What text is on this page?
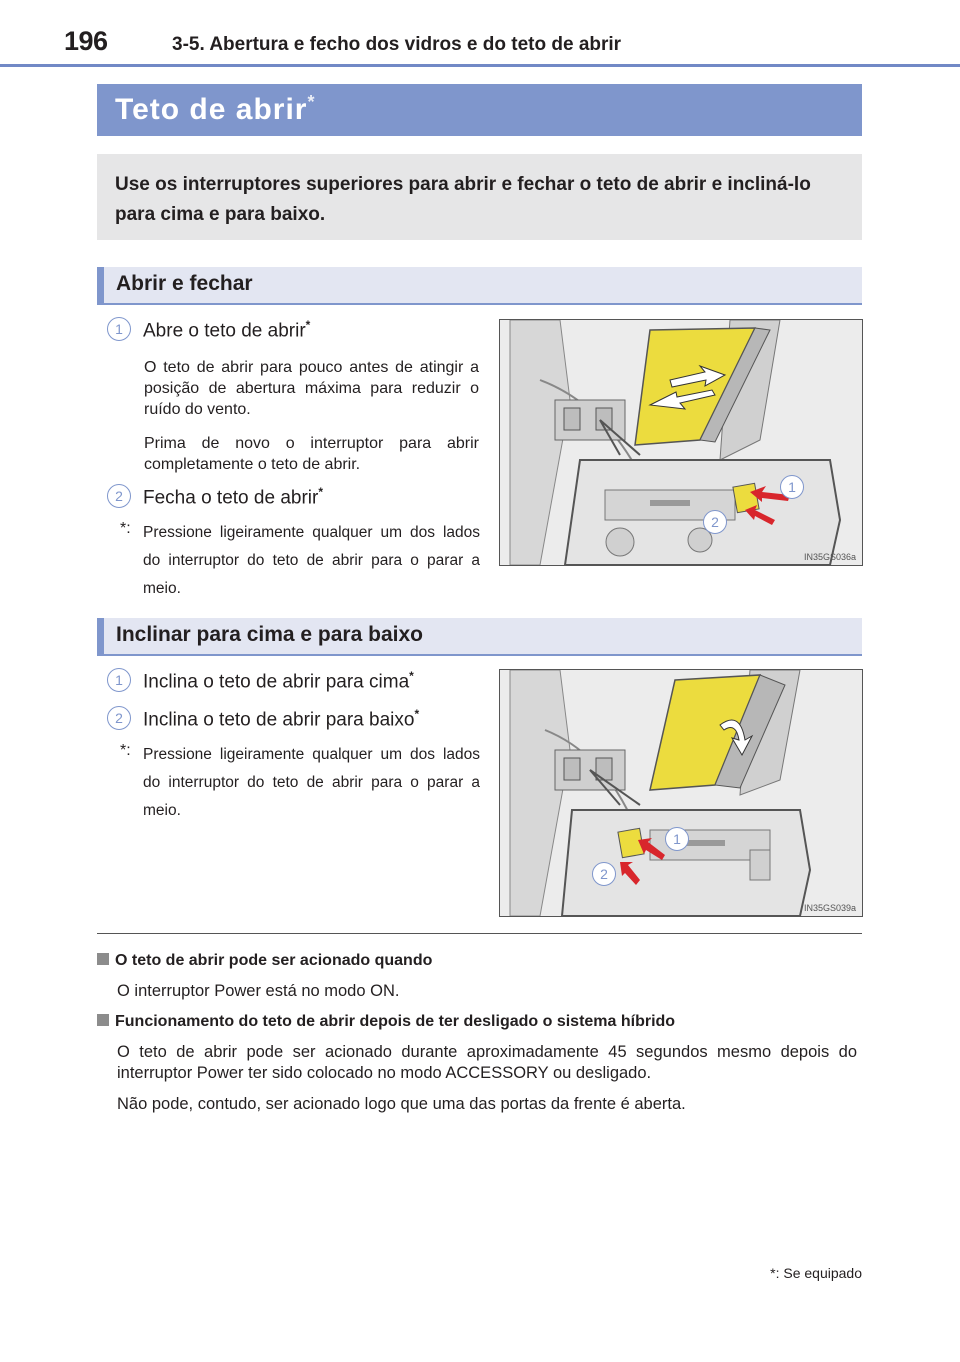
196	3-5. Abertura e fecho dos vidros e do teto de abrir
Teto de abrir*
Use os interruptores superiores para abrir e fechar o teto de abrir e incliná-lo para cima e para baixo.
Abrir e fechar
1	Abre o teto de abrir*
O teto de abrir para pouco antes de atingir a posição de abertura máxima para reduzir o ruído do vento.
Prima de novo o interruptor para abrir completamente o teto de abrir.
2	Fecha o teto de abrir*
*: Pressione ligeiramente qualquer um dos lados do interruptor do teto de abrir para o parar a meio.
1
2
IN35GS036a
Inclinar para cima e para baixo
1	Inclina o teto de abrir para cima*
2	Inclina o teto de abrir para baixo*
*: Pressione ligeiramente qualquer um dos lados do interruptor do teto de abrir para o parar a meio.
1
2
IN35GS039a
O teto de abrir pode ser acionado quando
O interruptor Power está no modo ON.
Funcionamento do teto de abrir depois de ter desligado o sistema híbrido
O teto de abrir pode ser acionado durante aproximadamente 45 segundos mesmo depois do interruptor Power ter sido colocado no modo ACCESSORY ou desligado.
Não pode, contudo, ser acionado logo que uma das portas da frente é aberta.
*: Se equipado
